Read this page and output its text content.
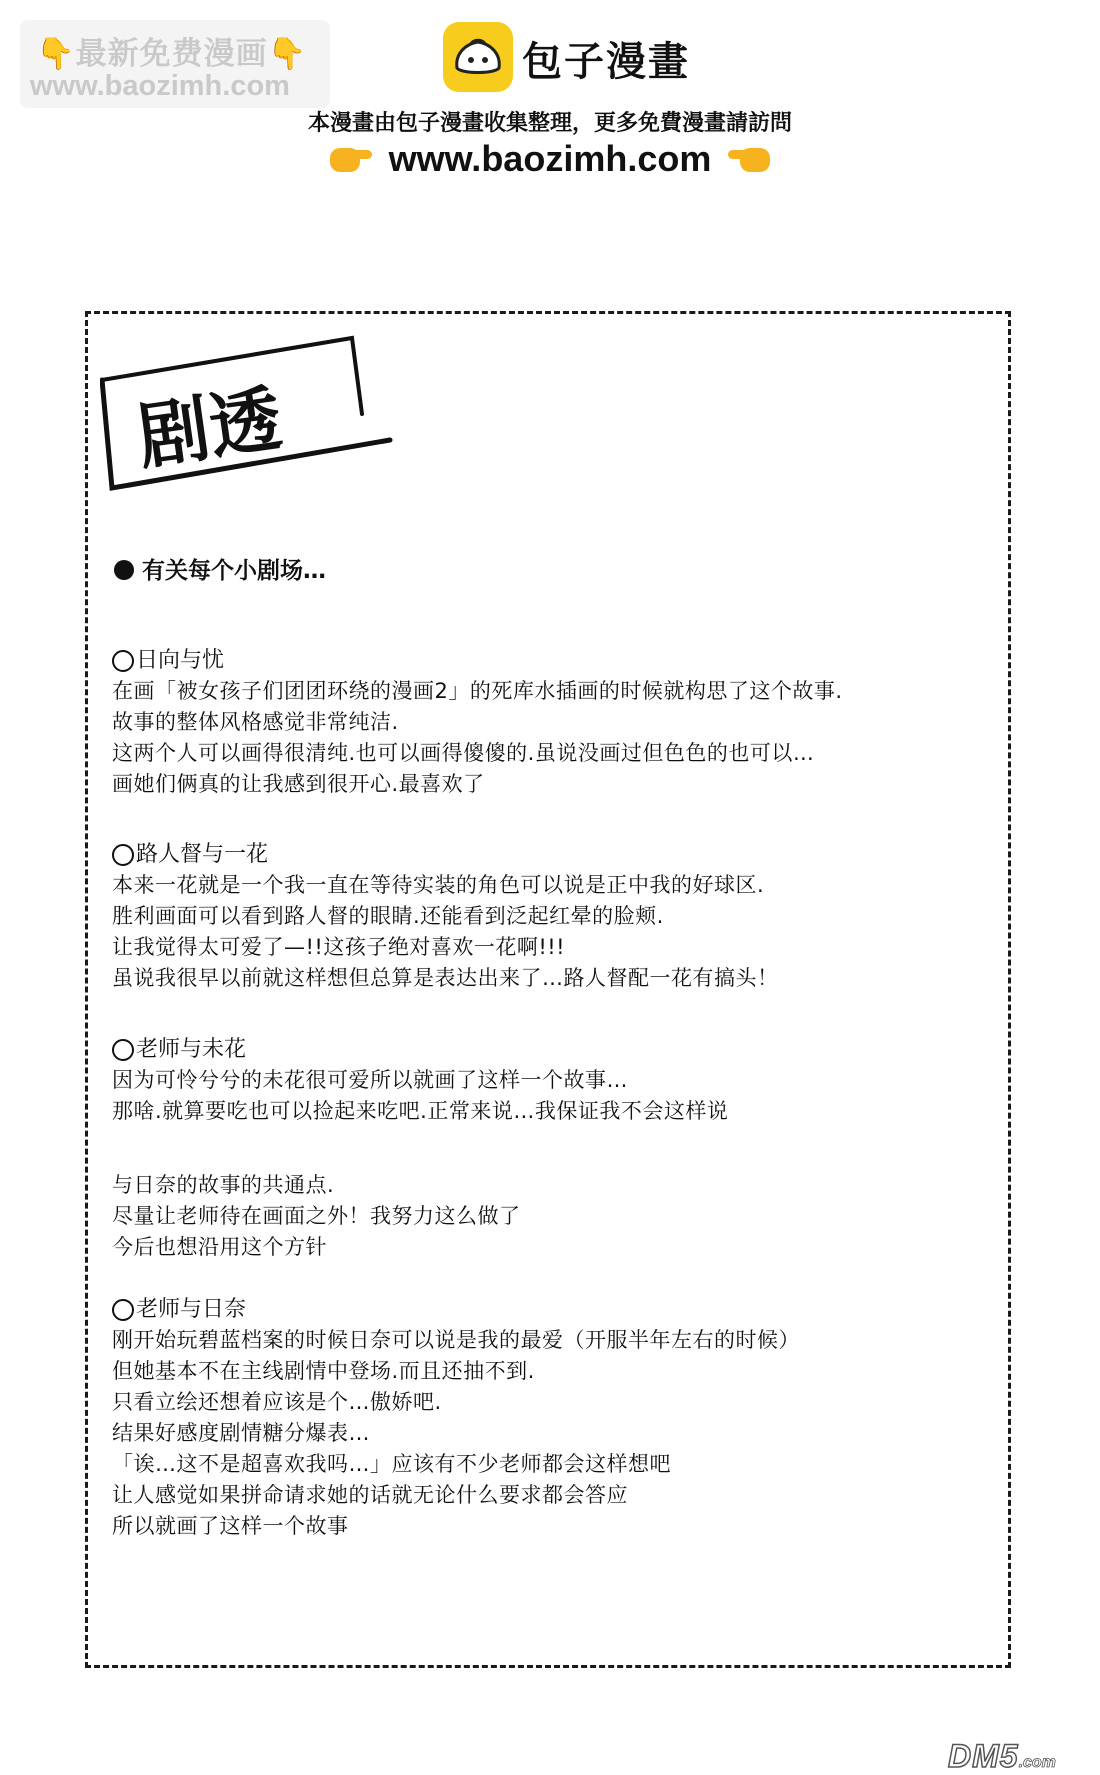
👇最新免费漫画👇
www.baozimh.com
包子漫畫
本漫畫由包子漫畫收集整理，更多免費漫畫請訪問
www.baozimh.com
剧透
有关每个小剧场…
日向与忧
在画「被女孩子们团团环绕的漫画2」的死库水插画的时候就构思了这个故事.
故事的整体风格感觉非常纯洁.
这两个人可以画得很清纯.也可以画得傻傻的.虽说没画过但色色的也可以…
画她们俩真的让我感到很开心.最喜欢了
路人督与一花
本来一花就是一个我一直在等待实装的角色可以说是正中我的好球区.
胜利画面可以看到路人督的眼睛.还能看到泛起红晕的脸颊.
让我觉得太可爱了—!!这孩子绝对喜欢一花啊!!!
虽说我很早以前就这样想但总算是表达出来了…路人督配一花有搞头！
老师与未花
因为可怜兮兮的未花很可爱所以就画了这样一个故事…
那啥.就算要吃也可以捡起来吃吧.正常来说…我保证我不会这样说
与日奈的故事的共通点.
尽量让老师待在画面之外！我努力这么做了
今后也想沿用这个方针
老师与日奈
刚开始玩碧蓝档案的时候日奈可以说是我的最爱（开服半年左右的时候）
但她基本不在主线剧情中登场.而且还抽不到.
只看立绘还想着应该是个…傲娇吧.
结果好感度剧情糖分爆表…
「诶…这不是超喜欢我吗…」应该有不少老师都会这样想吧
让人感觉如果拼命请求她的话就无论什么要求都会答应
所以就画了这样一个故事
DM5.com
